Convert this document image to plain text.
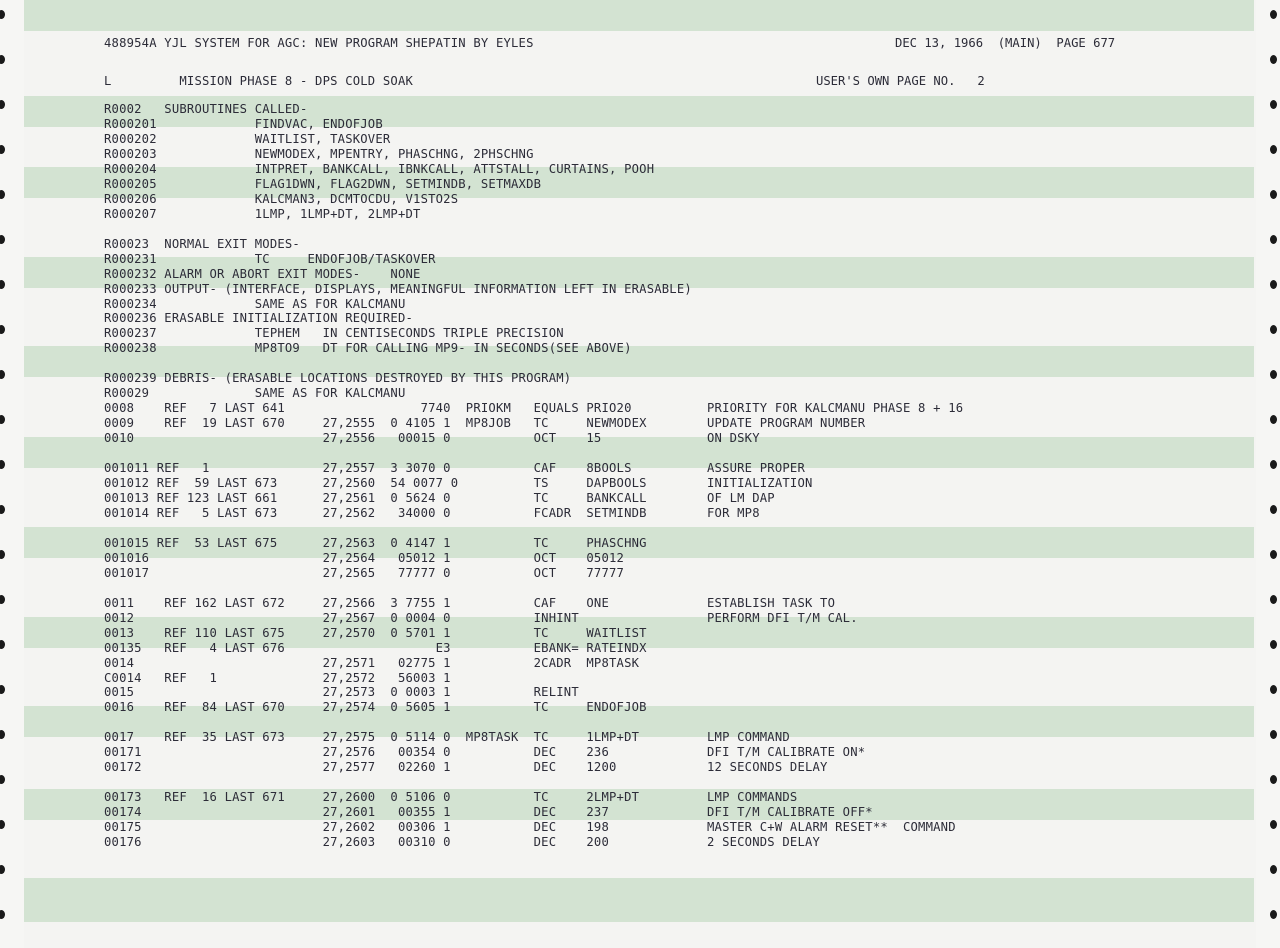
488954A YJL SYSTEM FOR AGC: NEW PROGRAM SHEPATIN BY EYLES	DEC 13, 1966  (MAIN)  PAGE 677
L         MISSION PHASE 8 - DPS COLD SOAK	USER'S OWN PAGE NO.   2
R0002   SUBROUTINES CALLED-
R000201             FINDVAC, ENDOFJOB
R000202             WAITLIST, TASKOVER
R000203             NEWMODEX, MPENTRY, PHASCHNG, 2PHSCHNG
R000204             INTPRET, BANKCALL, IBNKCALL, ATTSTALL, CURTAINS, POOH
R000205             FLAG1DWN, FLAG2DWN, SETMINDB, SETMAXDB
R000206             KALCMAN3, DCMTOCDU, V1STO2S
R000207             1LMP, 1LMP+DT, 2LMP+DT
R00023  NORMAL EXIT MODES-
R000231             TC     ENDOFJOB/TASKOVER
R000232 ALARM OR ABORT EXIT MODES-    NONE
R000233 OUTPUT- (INTERFACE, DISPLAYS, MEANINGFUL INFORMATION LEFT IN ERASABLE)
R000234             SAME AS FOR KALCMANU
R000236 ERASABLE INITIALIZATION REQUIRED-
R000237             TEPHEM   IN CENTISECONDS TRIPLE PRECISION
R000238             MP8TO9   DT FOR CALLING MP9- IN SECONDS(SEE ABOVE)
R000239 DEBRIS- (ERASABLE LOCATIONS DESTROYED BY THIS PROGRAM)
R00029              SAME AS FOR KALCMANU
0008    REF   7 LAST 641                  7740  PRIOKM   EQUALS PRIO20          PRIORITY FOR KALCMANU PHASE 8 + 16
0009    REF  19 LAST 670     27,2555  0 4105 1  MP8JOB   TC     NEWMODEX        UPDATE PROGRAM NUMBER
0010                         27,2556   00015 0           OCT    15              ON DSKY
001011 REF   1               27,2557  3 3070 0           CAF    8BOOLS          ASSURE PROPER
001012 REF  59 LAST 673      27,2560  54 0077 0          TS     DAPBOOLS        INITIALIZATION
001013 REF 123 LAST 661      27,2561  0 5624 0           TC     BANKCALL        OF LM DAP
001014 REF   5 LAST 673      27,2562   34000 0           FCADR  SETMINDB        FOR MP8
001015 REF  53 LAST 675      27,2563  0 4147 1           TC     PHASCHNG
001016                       27,2564   05012 1           OCT    05012
001017                       27,2565   77777 0           OCT    77777
0011    REF 162 LAST 672     27,2566  3 7755 1           CAF    ONE             ESTABLISH TASK TO
0012                         27,2567  0 0004 0           INHINT                 PERFORM DFI T/M CAL.
0013    REF 110 LAST 675     27,2570  0 5701 1           TC     WAITLIST
00135   REF   4 LAST 676                    E3           EBANK= RATEINDX
0014                         27,2571   02775 1           2CADR  MP8TASK
C0014   REF   1              27,2572   56003 1
0015                         27,2573  0 0003 1           RELINT
0016    REF  84 LAST 670     27,2574  0 5605 1           TC     ENDOFJOB
0017    REF  35 LAST 673     27,2575  0 5114 0  MP8TASK  TC     1LMP+DT         LMP COMMAND
00171                        27,2576   00354 0           DEC    236             DFI T/M CALIBRATE ON*
00172                        27,2577   02260 1           DEC    1200            12 SECONDS DELAY
00173   REF  16 LAST 671     27,2600  0 5106 0           TC     2LMP+DT         LMP COMMANDS
00174                        27,2601   00355 1           DEC    237             DFI T/M CALIBRATE OFF*
00175                        27,2602   00306 1           DEC    198             MASTER C+W ALARM RESET**  COMMAND
00176                        27,2603   00310 0           DEC    200             2 SECONDS DELAY
